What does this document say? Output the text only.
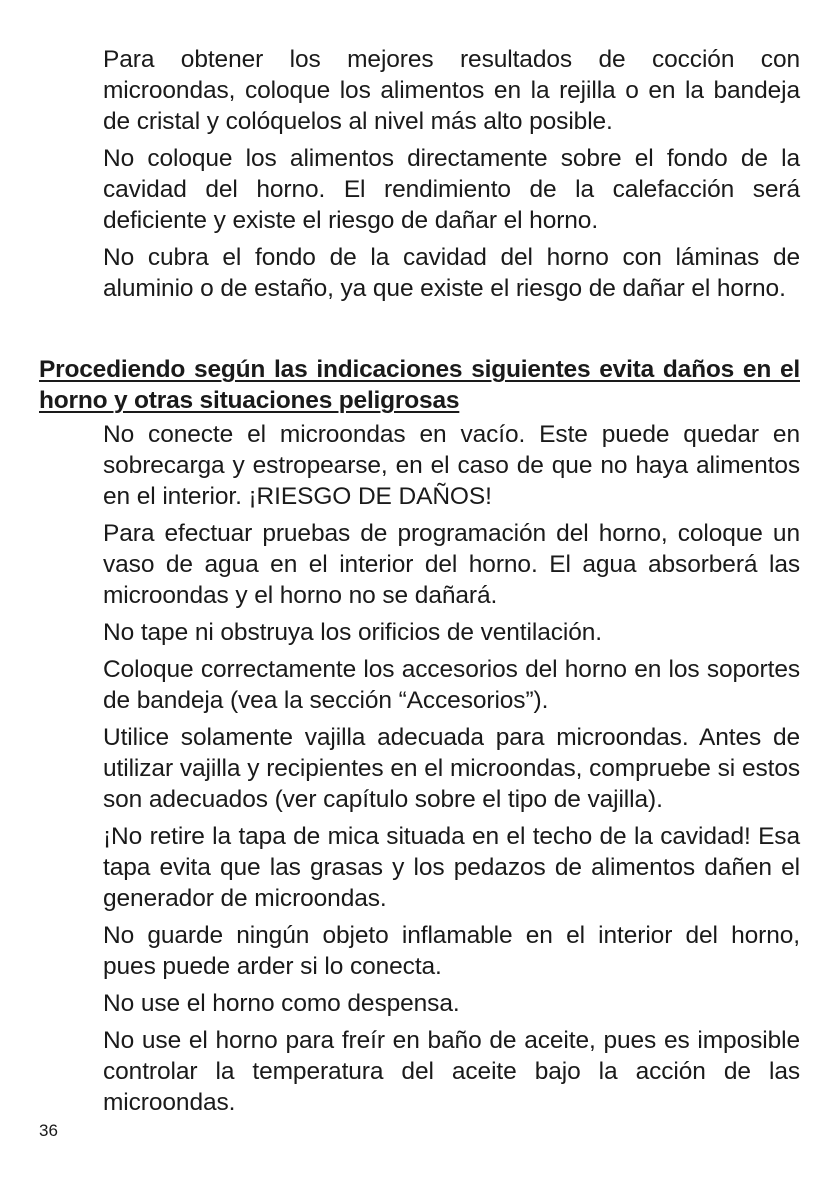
Para obtener los mejores resultados de cocción con microondas, coloque los alimentos en la rejilla o en la bandeja de cristal y colóquelos al nivel más alto posible.

No coloque los alimentos directamente sobre el fondo de la cavidad del horno. El rendimiento de la calefacción será deficiente y existe el riesgo de dañar el horno.

No cubra el fondo de la cavidad del horno con láminas de aluminio o de estaño, ya que existe el riesgo de dañar el horno.

Procediendo según las indicaciones siguientes evita daños en el horno y otras situaciones peligrosas

No conecte el microondas en vacío. Este puede quedar en sobrecarga y estropearse, en el caso de que no haya alimentos en el interior. ¡RIESGO DE DAÑOS!

Para efectuar pruebas de programación del horno, coloque un vaso de agua en el interior del horno. El agua absorberá las microondas y el horno no se dañará.

No tape ni obstruya los orificios de ventilación.

Coloque correctamente los accesorios del horno en los soportes de bandeja (vea la sección “Accesorios”).

Utilice solamente vajilla adecuada para microondas. Antes de utilizar vajilla y recipientes en el microondas, compruebe si estos son adecuados (ver capítulo sobre el tipo de vajilla).

¡No retire la tapa de mica situada en el techo de la cavidad! Esa tapa evita que las grasas y los pedazos de alimentos dañen el generador de microondas.

No guarde ningún objeto inflamable en el interior del horno, pues puede arder si lo conecta.

No use el horno como despensa.

No use el horno para freír en baño de aceite, pues es imposible controlar la temperatura del aceite bajo la acción de las microondas.

36
